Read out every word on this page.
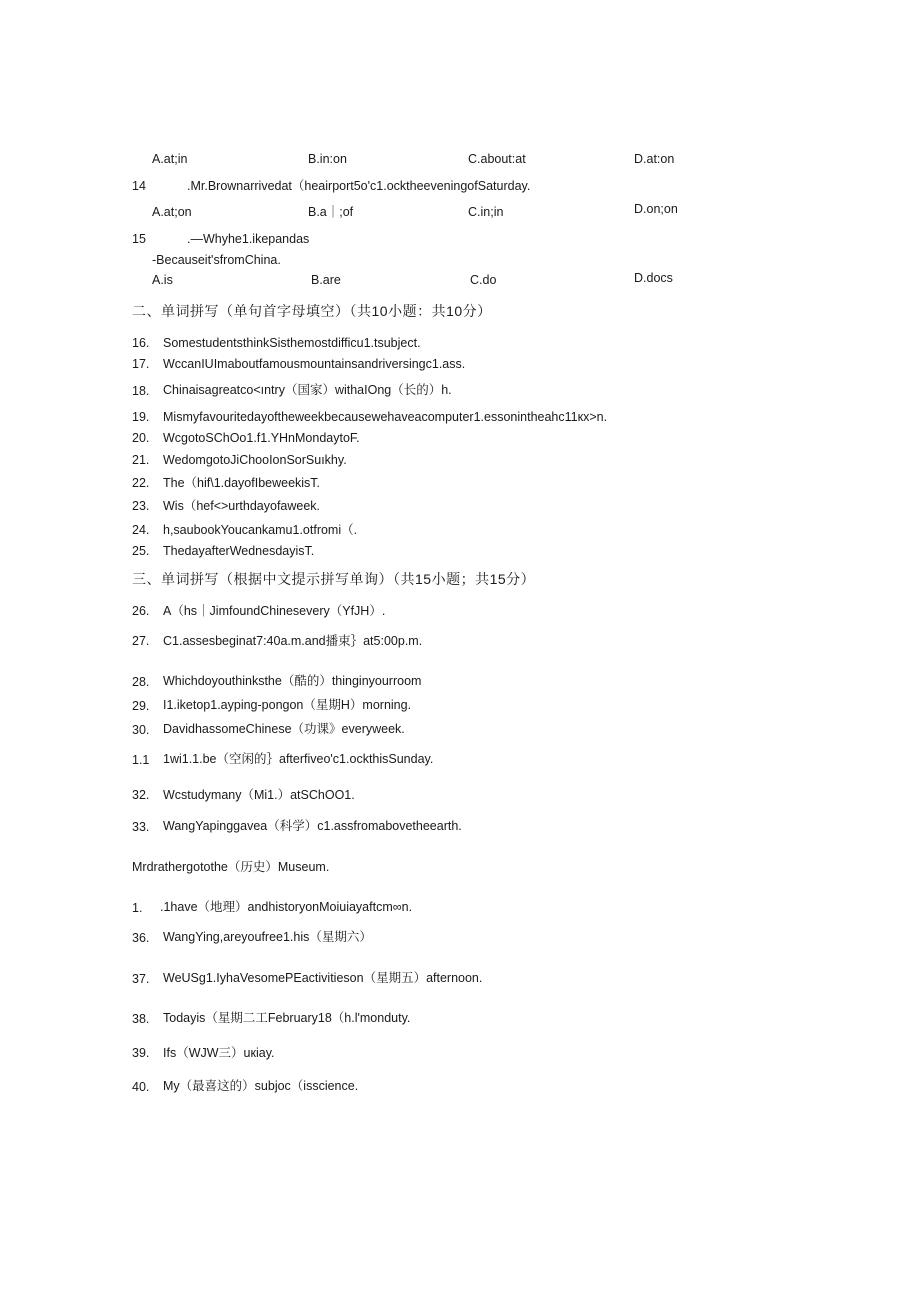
A.at;in	B.in:on	C.about:at	D.at:on
14	.Mr.Brownarrivedat（heairport5o'c1.ocktheeveningofSaturday.
A.at;on	B.a｜;of	C.in;in	D.on;on
15	.—Whyhe1.ikepandas
-Becauseit'sfromChina.
A.is	B.are	C.do	D.docs
二、单词拼写（单句首字母填空）（共10小题：共10分）
16. SomestudentsthinkSisthemostdifficu1.tsubject.
17. WccanIUImaboutfamousmountainsandriversingc1.ass.
18. Chinaisagreatco<ıntry（国家）withaIOng（长的）h.
19. Mismyfavouritedayoftheweekbecausewehaveacomputer1.essonintheahc11кх>n.
20. WcgotoSChOo1.f1.YHnMondaytoF.
21. WedomgotoJiChooIonSorSuıkhy.
22. The（hif\1.dayofIbeweekisT.
23. Wis（hef<>urthdayofaweek.
24. h,saubookYoucankamu1.otfromi（.
25. ThedayafterWednesdayisT.
三、单词拼写（根据中文提示拼写单询）（共15小题；共15分）
26. A（hs｜JimfoundChinesevery（YfJH）.
27. C1.assesbeginat7:40a.m.and播束｝at5:00p.m.
28. Whichdoyouthinksthe（酷的）thinginyourroom
29. I1.iketop1.ayping-pongon（星期H）morning.
30. DavidhassomeChinese（功课》everyweek.
1.1 1wi1.1.be（空闲的｝afterfiveo'c1.ockthisSunday.
32. Wcstudymany（Mi1.）atSChOO1.
33. WangYapinggavea（科学）c1.assfromabovetheearth.
Mrdrathergotothe（历史）Museum.
1. .1have（地理）andhistoryonMoiuiayaftcm∞n.
36. WangYing,areyoufree1.his（星期六）
37. WeUSg1.IyhaVesomePEactivitieson（星期五）afternoon.
38. Todayis（星期二工February18（h.l'monduty.
39. Ifs（WJW三）uкiay.
40. My（最喜这的）subjoc（isscience.
